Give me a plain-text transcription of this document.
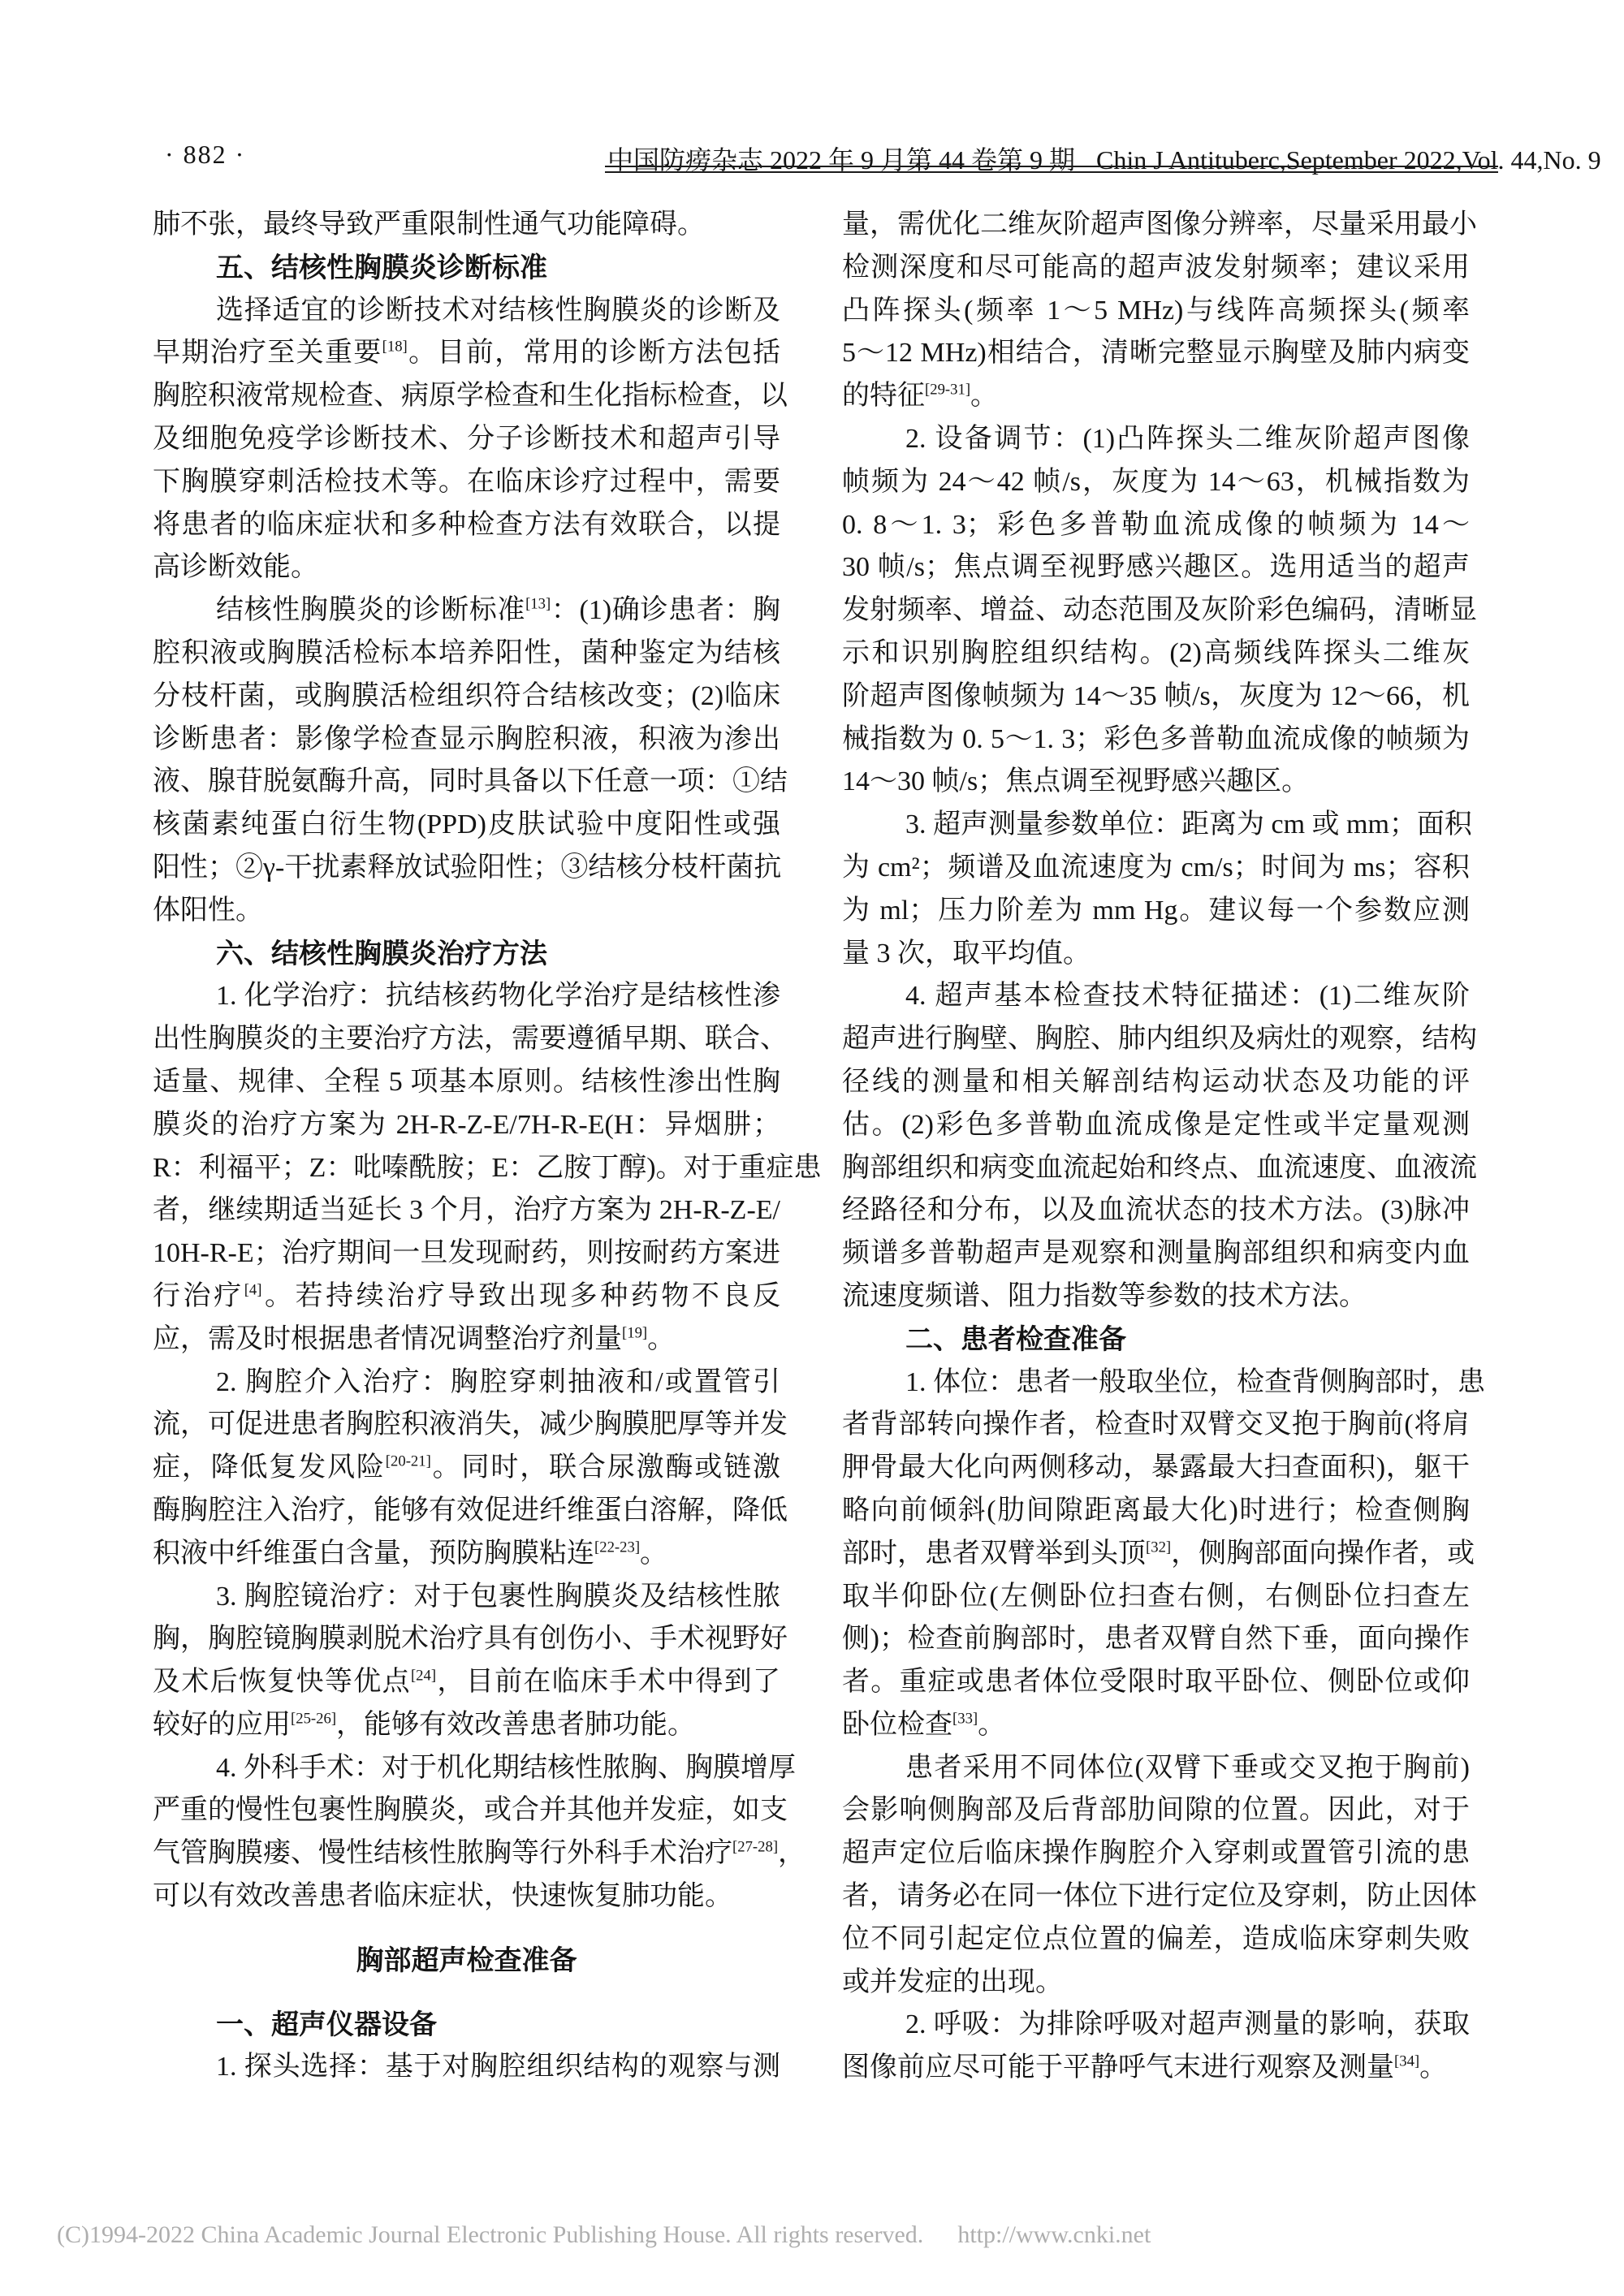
· 882 ·	中国防痨杂志 2022 年 9 月第 44 卷第 9 期 Chin J Antituberc,September 2022,Vol. 44,No. 9

肺不张，最终导致严重限制性通气功能障碍。

五、结核性胸膜炎诊断标准

选择适宜的诊断技术对结核性胸膜炎的诊断及

早期治疗至关重要[18]。目前，常用的诊断方法包括

胸腔积液常规检查、病原学检查和生化指标检查，以

及细胞免疫学诊断技术、分子诊断技术和超声引导

下胸膜穿刺活检技术等。在临床诊疗过程中，需要

将患者的临床症状和多种检查方法有效联合，以提

高诊断效能。

结核性胸膜炎的诊断标准[13]：(1)确诊患者：胸

腔积液或胸膜活检标本培养阳性，菌种鉴定为结核

分枝杆菌，或胸膜活检组织符合结核改变；(2)临床

诊断患者：影像学检查显示胸腔积液，积液为渗出

液、腺苷脱氨酶升高，同时具备以下任意一项：①结

核菌素纯蛋白衍生物(PPD)皮肤试验中度阳性或强

阳性；②γ-干扰素释放试验阳性；③结核分枝杆菌抗

体阳性。

六、结核性胸膜炎治疗方法

1. 化学治疗：抗结核药物化学治疗是结核性渗

出性胸膜炎的主要治疗方法，需要遵循早期、联合、

适量、规律、全程 5 项基本原则。结核性渗出性胸

膜炎的治疗方案为 2H-R-Z-E/7H-R-E(H：异烟肼；

R：利福平；Z：吡嗪酰胺；E：乙胺丁醇)。对于重症患

者，继续期适当延长 3 个月，治疗方案为 2H-R-Z-E/

10H-R-E；治疗期间一旦发现耐药，则按耐药方案进

行治疗[4]。若持续治疗导致出现多种药物不良反

应，需及时根据患者情况调整治疗剂量[19]。

2. 胸腔介入治疗：胸腔穿刺抽液和/或置管引

流，可促进患者胸腔积液消失，减少胸膜肥厚等并发

症，降低复发风险[20-21]。同时，联合尿激酶或链激

酶胸腔注入治疗，能够有效促进纤维蛋白溶解，降低

积液中纤维蛋白含量，预防胸膜粘连[22-23]。

3. 胸腔镜治疗：对于包裹性胸膜炎及结核性脓

胸，胸腔镜胸膜剥脱术治疗具有创伤小、手术视野好

及术后恢复快等优点[24]，目前在临床手术中得到了

较好的应用[25-26]，能够有效改善患者肺功能。

4. 外科手术：对于机化期结核性脓胸、胸膜增厚

严重的慢性包裹性胸膜炎，或合并其他并发症，如支

气管胸膜瘘、慢性结核性脓胸等行外科手术治疗[27-28]，

可以有效改善患者临床症状，快速恢复肺功能。

胸部超声检查准备

一、超声仪器设备

1. 探头选择：基于对胸腔组织结构的观察与测

量，需优化二维灰阶超声图像分辨率，尽量采用最小

检测深度和尽可能高的超声波发射频率；建议采用

凸阵探头(频率 1～5 MHz)与线阵高频探头(频率

5～12 MHz)相结合，清晰完整显示胸壁及肺内病变

的特征[29-31]。

2. 设备调节：(1)凸阵探头二维灰阶超声图像

帧频为 24～42 帧/s，灰度为 14～63，机械指数为

0. 8～1. 3；彩色多普勒血流成像的帧频为 14～

30 帧/s；焦点调至视野感兴趣区。选用适当的超声

发射频率、增益、动态范围及灰阶彩色编码，清晰显

示和识别胸腔组织结构。(2)高频线阵探头二维灰

阶超声图像帧频为 14～35 帧/s，灰度为 12～66，机

械指数为 0. 5～1. 3；彩色多普勒血流成像的帧频为

14～30 帧/s；焦点调至视野感兴趣区。

3. 超声测量参数单位：距离为 cm 或 mm；面积

为 cm²；频谱及血流速度为 cm/s；时间为 ms；容积

为 ml；压力阶差为 mm Hg。建议每一个参数应测

量 3 次，取平均值。

4. 超声基本检查技术特征描述：(1)二维灰阶

超声进行胸壁、胸腔、肺内组织及病灶的观察，结构

径线的测量和相关解剖结构运动状态及功能的评

估。(2)彩色多普勒血流成像是定性或半定量观测

胸部组织和病变血流起始和终点、血流速度、血液流

经路径和分布，以及血流状态的技术方法。(3)脉冲

频谱多普勒超声是观察和测量胸部组织和病变内血

流速度频谱、阻力指数等参数的技术方法。

二、患者检查准备

1. 体位：患者一般取坐位，检查背侧胸部时，患

者背部转向操作者，检查时双臂交叉抱于胸前(将肩

胛骨最大化向两侧移动，暴露最大扫查面积)，躯干

略向前倾斜(肋间隙距离最大化)时进行；检查侧胸

部时，患者双臂举到头顶[32]，侧胸部面向操作者，或

取半仰卧位(左侧卧位扫查右侧，右侧卧位扫查左

侧)；检查前胸部时，患者双臂自然下垂，面向操作

者。重症或患者体位受限时取平卧位、侧卧位或仰

卧位检查[33]。

患者采用不同体位(双臂下垂或交叉抱于胸前)

会影响侧胸部及后背部肋间隙的位置。因此，对于

超声定位后临床操作胸腔介入穿刺或置管引流的患

者，请务必在同一体位下进行定位及穿刺，防止因体

位不同引起定位点位置的偏差，造成临床穿刺失败

或并发症的出现。

2. 呼吸：为排除呼吸对超声测量的影响，获取

图像前应尽可能于平静呼气末进行观察及测量[34]。

(C)1994-2022 China Academic Journal Electronic Publishing House. All rights reserved. http://www.cnki.net
